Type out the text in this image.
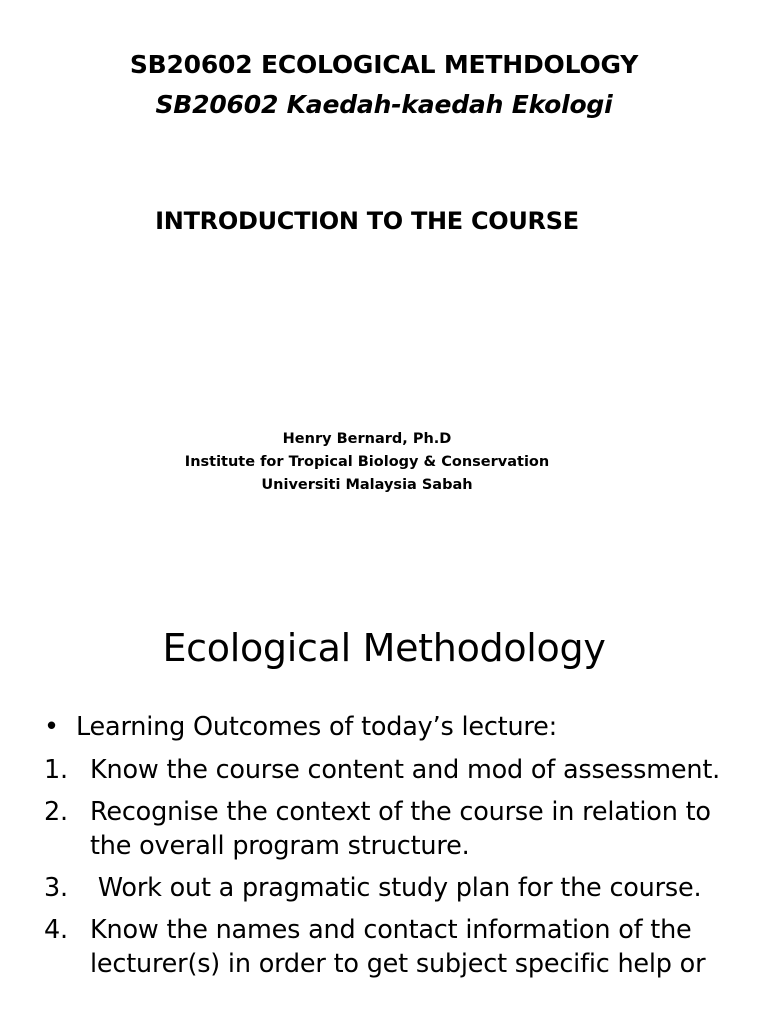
SB20602 ECOLOGICAL METHDOLOGY
SB20602 Kaedah-kaedah Ekologi
INTRODUCTION TO THE COURSE
Henry Bernard, Ph.D
Institute for Tropical Biology & Conservation
Universiti Malaysia Sabah
Ecological Methodology
• Learning Outcomes of today’s lecture:
1. Know the course content and mod of assessment.
2. Recognise the context of the course in relation to the overall program structure.
3. Work out a pragmatic study plan for the course.
4. Know the names and contact information of the lecturer(s) in order to get subject specific help or
